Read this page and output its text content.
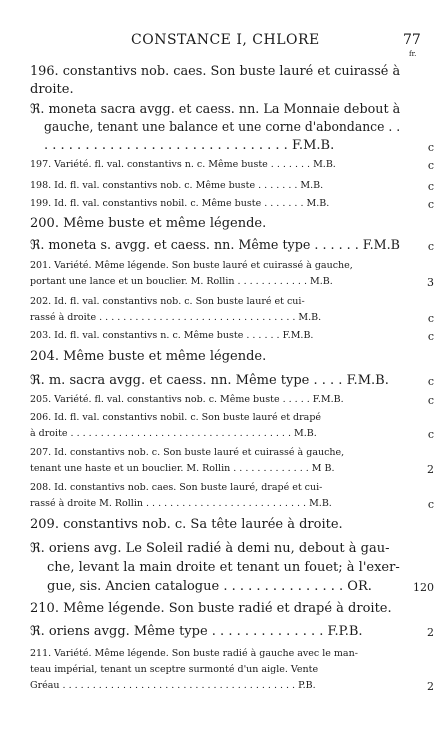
CONSTANCE I, CHLORE	77
fr.
196. constantivs nob. caes. Son buste lauré et cuirassé à
droite.
ℜ. moneta sacra avgg. et caess. nn. La Monnaie debout à
gauche, tenant une balance et une corne d'abondance . .
. . . . . . . . . . . . . . . . . . . . . . . . . . . . . . F.M.B.	c
197. Variété. fl. val. constantivs n. c. Même buste . . . . . . . M.B.	c
198. Id. fl. val. constantivs nob. c. Même buste . . . . . . . M.B.	c
199. Id. fl. val. constantivs nobil. c. Même buste . . . . . . . M.B.	c
200. Même buste et même légende.
ℜ. moneta s. avgg. et caess. nn. Même type . . . . . . F.M.B	c
201. Variété. Même légende. Son buste lauré et cuirassé à gauche,
portant une lance et un bouclier. M. Rollin . . . . . . . . . . . . M.B.	3
202. Id. fl. val. constantivs nob. c. Son buste lauré et cui-
rassé à droite . . . . . . . . . . . . . . . . . . . . . . . . . . . . . . . . . M.B.	c
203. Id. fl. val. constantivs n. c. Même buste . . . . . . F.M.B.	c
204. Même buste et même légende.
ℜ. m. sacra avgg. et caess. nn. Même type . . . . F.M.B.	c
205. Variété. fl. val. constantivs nob. c. Même buste . . . . . F.M.B.	c
206. Id. fl. val. constantivs nobil. c. Son buste lauré et drapé
à droite . . . . . . . . . . . . . . . . . . . . . . . . . . . . . . . . . . . . . M.B.	c
207. Id. constantivs nob. c. Son buste lauré et cuirassé à gauche,
tenant une haste et un bouclier. M. Rollin . . . . . . . . . . . . . M B.	2
208. Id. constantivs nob. caes. Son buste lauré, drapé et cui-
rassé à droite M. Rollin . . . . . . . . . . . . . . . . . . . . . . . . . . . M.B.	c
209. constantivs nob. c. Sa tête laurée à droite.
ℜ. oriens avg. Le Soleil radié à demi nu, debout à gau-
che, levant la main droite et tenant un fouet; à l'exer-
gue, sis. Ancien catalogue . . . . . . . . . . . . . . . OR.	120
210. Même légende. Son buste radié et drapé à droite.
ℜ. oriens avgg. Même type . . . . . . . . . . . . . . F.P.B.	2
211. Variété. Même légende. Son buste radié à gauche avec le man-
teau impérial, tenant un sceptre surmonté d'un aigle. Vente
Gréau . . . . . . . . . . . . . . . . . . . . . . . . . . . . . . . . . . . . . . . P.B.	2
